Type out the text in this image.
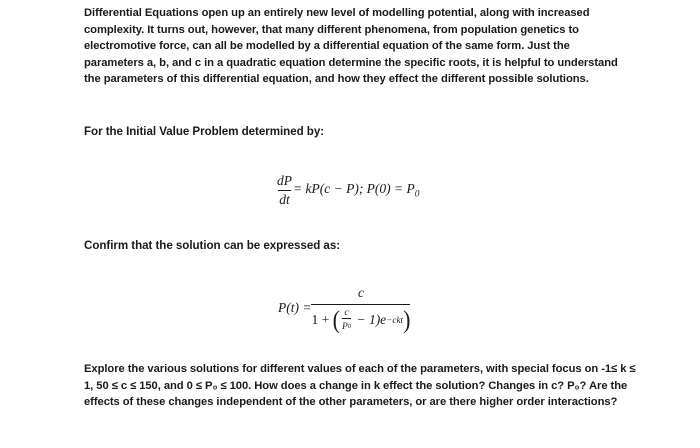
Differential Equations open up an entirely new level of modelling potential, along with increased complexity. It turns out, however, that many different phenomena, from population genetics to electromotive force, can all be modelled by a differential equation of the same form. Just the parameters a, b, and c in a quadratic equation determine the specific roots, it is helpful to understand the parameters of this differential equation, and how they effect the different possible solutions.

For the Initial Value Problem determined by:

$\frac{dP}{dt} = kP(c - P)$; $P(0) = P_0$

Confirm that the solution can be expressed as:

P(t) =
c
1 + ( $\frac{c}{P 0} - 1)e -ckt$ )

Explore the various solutions for different values of each of the parameters, with special focus on -1≤ k ≤ 1, 50 ≤ c ≤ 150, and 0 ≤ P₀ ≤ 100. How does a change in k effect the solution? Changes in c? P₀? Are the effects of these changes independent of the other parameters, or are there higher order interactions?
